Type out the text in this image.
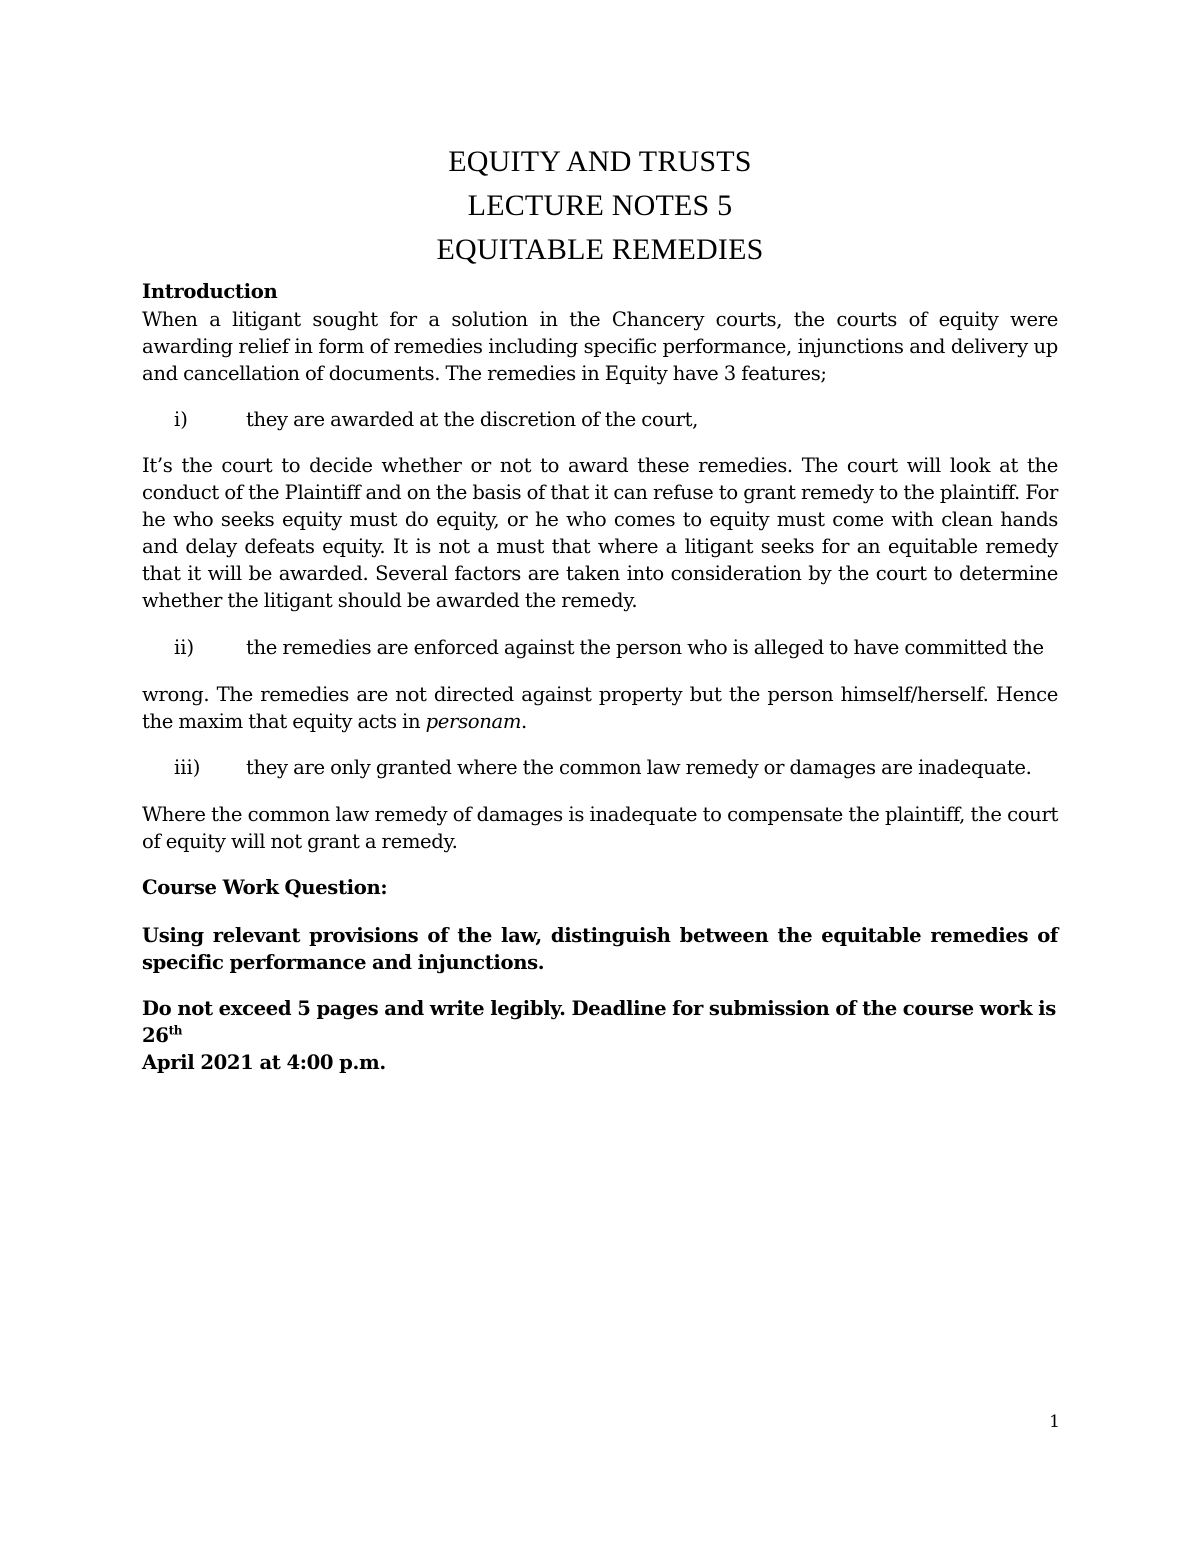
EQUITY AND TRUSTS
LECTURE NOTES 5
EQUITABLE REMEDIES
Introduction
When a litigant sought for a solution in the Chancery courts, the courts of equity were awarding relief in form of remedies including specific performance, injunctions and delivery up and cancellation of documents. The remedies in Equity have 3 features;
i)	they are awarded at the discretion of the court,
It’s the court to decide whether or not to award these remedies. The court will look at the conduct of the Plaintiff and on the basis of that it can refuse to grant remedy to the plaintiff. For he who seeks equity must do equity, or he who comes to equity must come with clean hands and delay defeats equity. It is not a must that where a litigant seeks for an equitable remedy that it will be awarded. Several factors are taken into consideration by the court to determine whether the litigant should be awarded the remedy.
ii)	the remedies are enforced against the person who is alleged to have committed the
wrong. The remedies are not directed against property but the person himself/herself. Hence the maxim that equity acts in personam.
iii) they are only granted where the common law remedy or damages are inadequate.
Where the common law remedy of damages is inadequate to compensate the plaintiff, the court of equity will not grant a remedy.
Course Work Question:
Using relevant provisions of the law, distinguish between the equitable remedies of specific performance and injunctions.
Do not exceed 5 pages and write legibly. Deadline for submission of the course work is 26th
April 2021 at 4:00 p.m.
1
